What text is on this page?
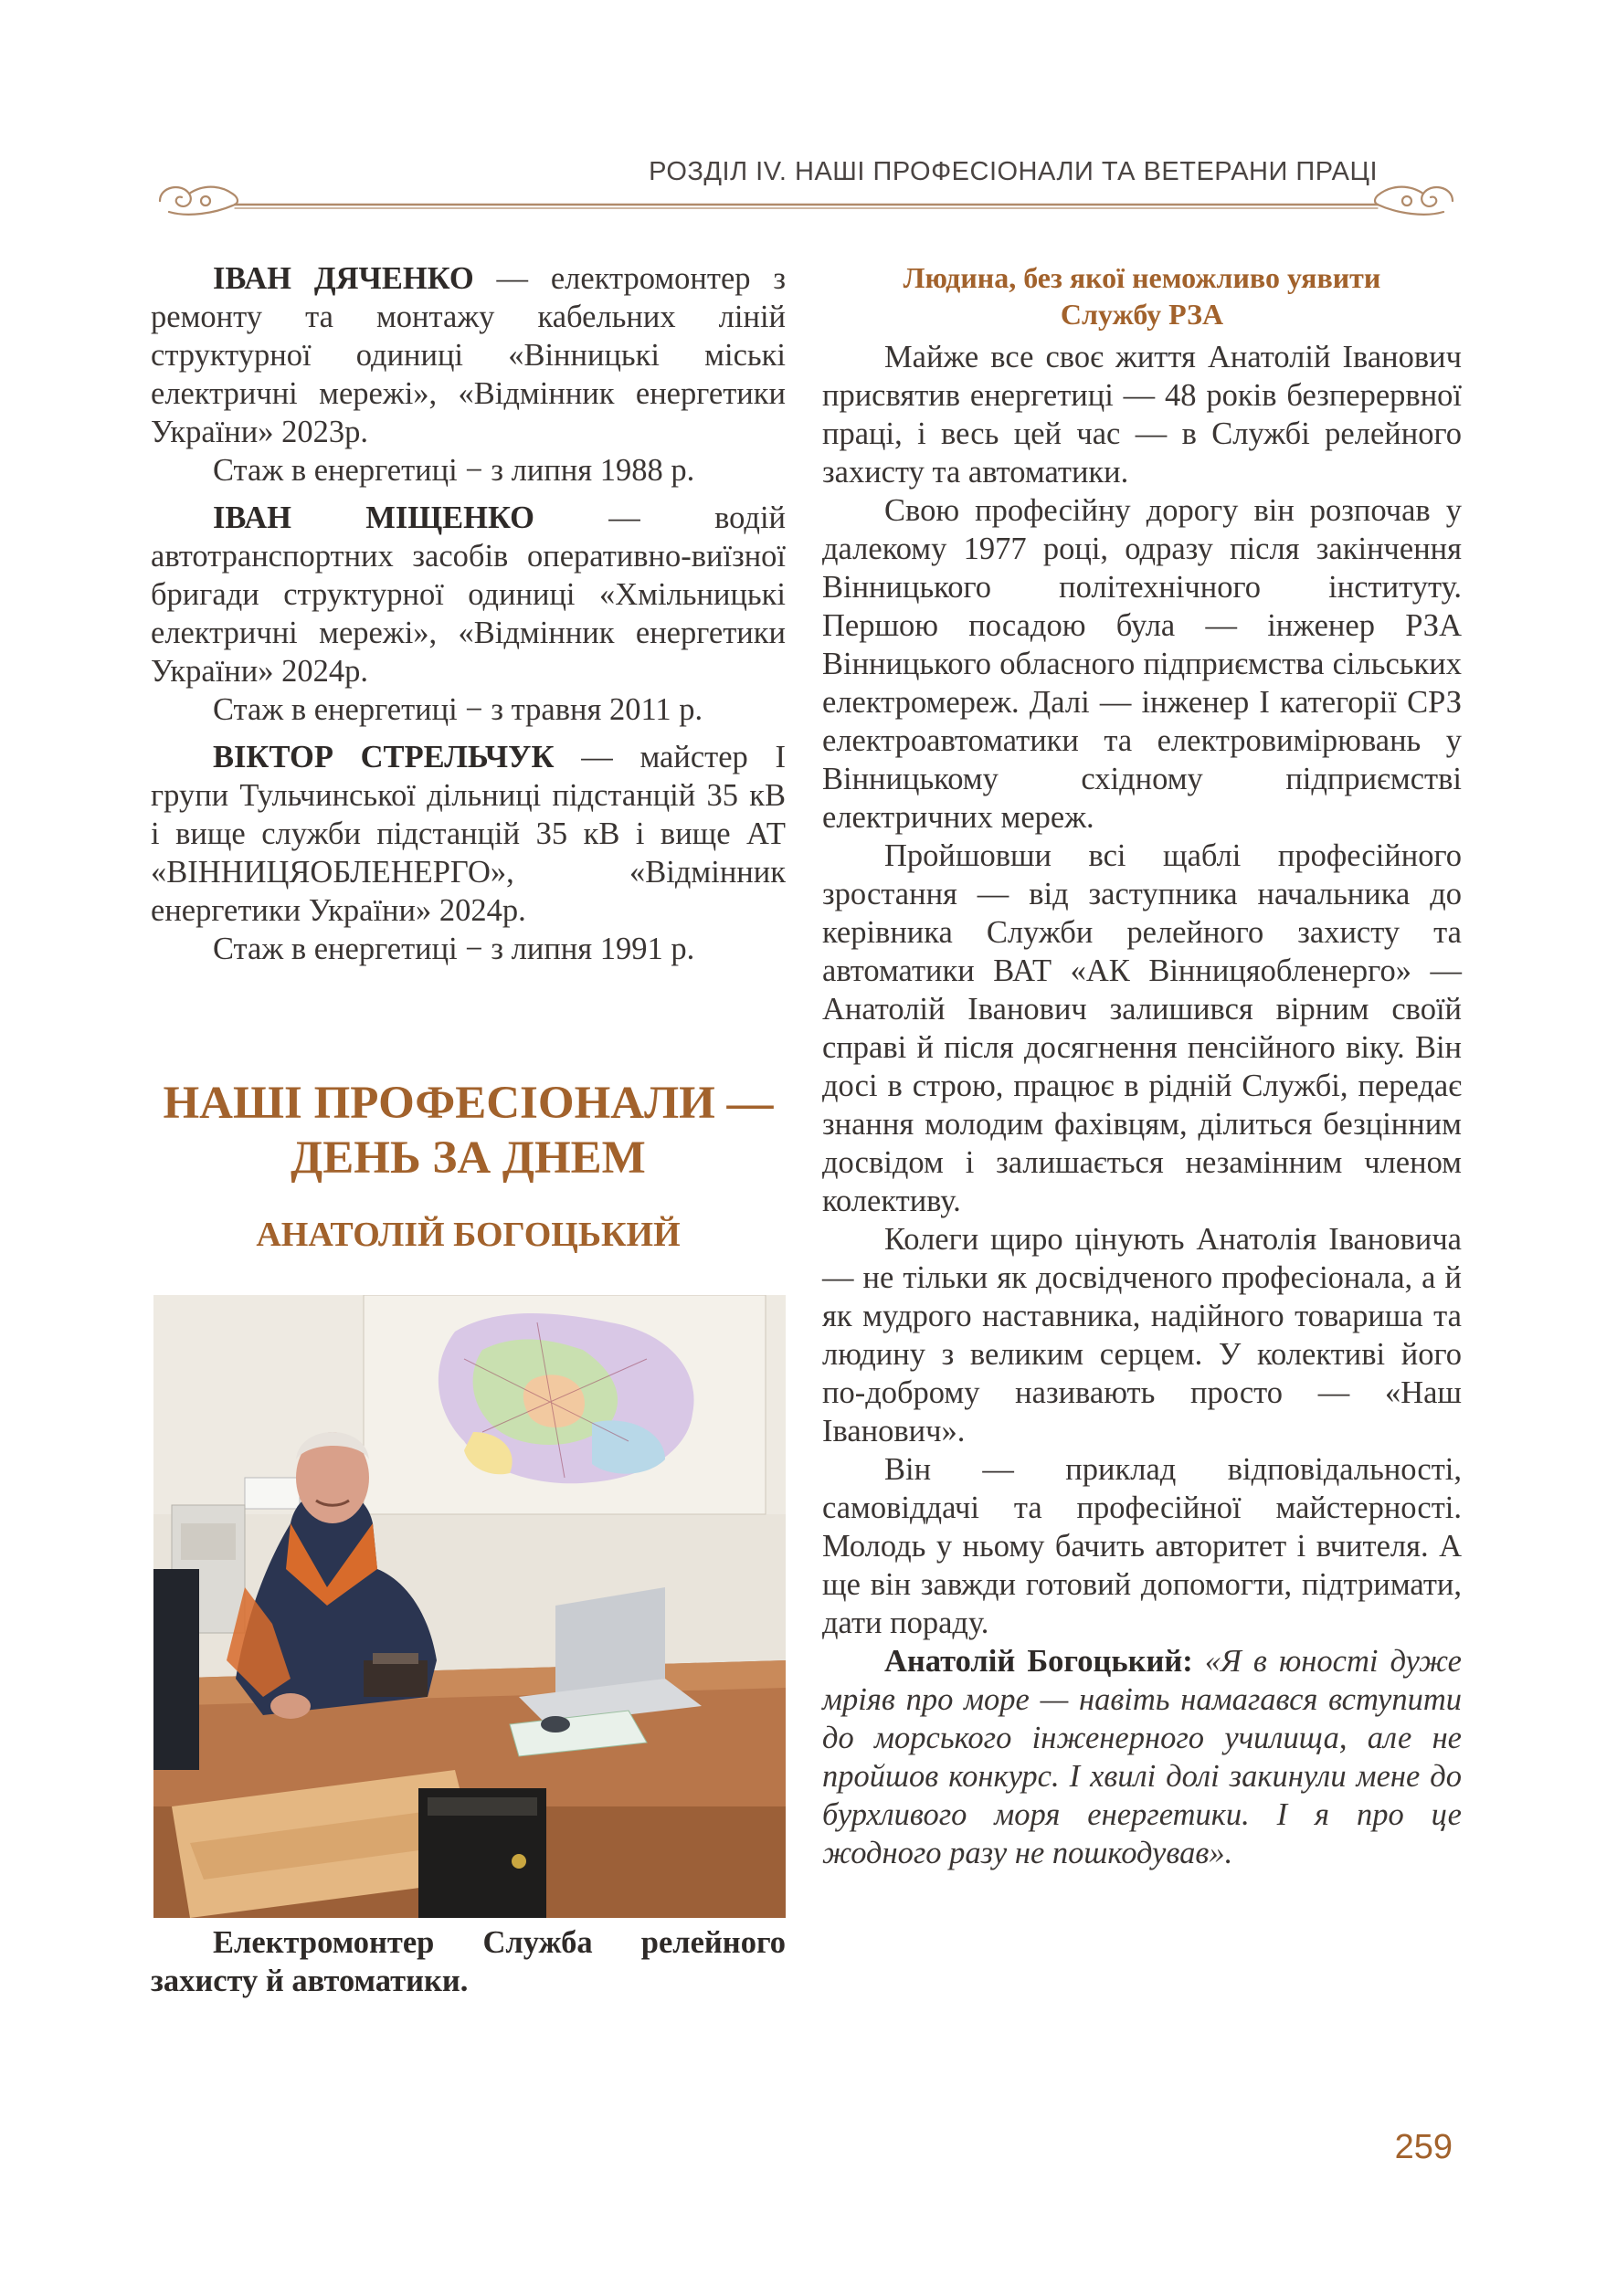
РОЗДІЛ IV. НАШІ ПРОФЕСІОНАЛИ ТА ВЕТЕРАНИ ПРАЦІ

ІВАН ДЯЧЕНКО — електромонтер з ремонту та монтажу кабельних ліній структурної одиниці «Вінницькі міські електричні мережі», «Відмінник енергетики України» 2023р.

Стаж в енергетиці − з липня 1988 р.

ІВАН МІЩЕНКО — водій автотранспортних засобів оперативно-виїзної бригади структурної одиниці «Хмільницькі електричні мережі», «Відмінник енергетики України» 2024р.

Стаж в енергетиці − з травня 2011 р.

ВІКТОР СТРЕЛЬЧУК — майстер I групи Тульчинської дільниці підстанцій 35 кВ і вище служби підстанцій 35 кВ і вище АТ «ВІННИЦЯОБЛЕНЕРГО», «Відмінник енергетики України» 2024р.

Стаж в енергетиці − з липня 1991 р.

НАШІ ПРОФЕСІОНАЛИ —
ДЕНЬ ЗА ДНЕМ
АНАТОЛІЙ БОГОЦЬКИЙ

Електромонтер Служба релейного захисту й автоматики.

Людина, без якої неможливо уявити
Службу РЗА

Майже все своє життя Анатолій Іванович присвятив енергетиці — 48 років безперервної праці, і весь цей час — в Службі релейного захисту та автоматики.

Свою професійну дорогу він розпочав у далекому 1977 році, одразу після закінчення Вінницького політехнічного інституту. Першою посадою була — інженер РЗА Вінницького обласного підприємства сільських електромереж. Далі — інженер I категорії СРЗ електроавтоматики та електровимірювань у Вінницькому східному підприємстві електричних мереж.

Пройшовши всі щаблі професійного зростання — від заступника начальника до керівника Служби релейного захисту та автоматики ВАТ «АК Вінницяобленерго» — Анатолій Іванович залишився вірним своїй справі й після досягнення пенсійного віку. Він досі в строю, працює в рідній Службі, передає знання молодим фахівцям, ділиться безцінним досвідом і залишається незамінним членом колективу.

Колеги щиро цінують Анатолія Івановича — не тільки як досвідченого професіонала, а й як мудрого наставника, надійного товариша та людину з великим серцем. У колективі його по-доброму називають просто — «Наш Іванович».

Він — приклад відповідальності, самовіддачі та професійної майстерності. Молодь у ньому бачить авторитет і вчителя. А ще він завжди готовий допомогти, підтримати, дати пораду.

Анатолій Богоцький: «Я в юності дуже мріяв про море — навіть намагався вступити до морського інженерного училища, але не пройшов конкурс. І хвилі долі закинули мене до бурхливого моря енергетики. І я про це жодного разу не пошкодував».

259
